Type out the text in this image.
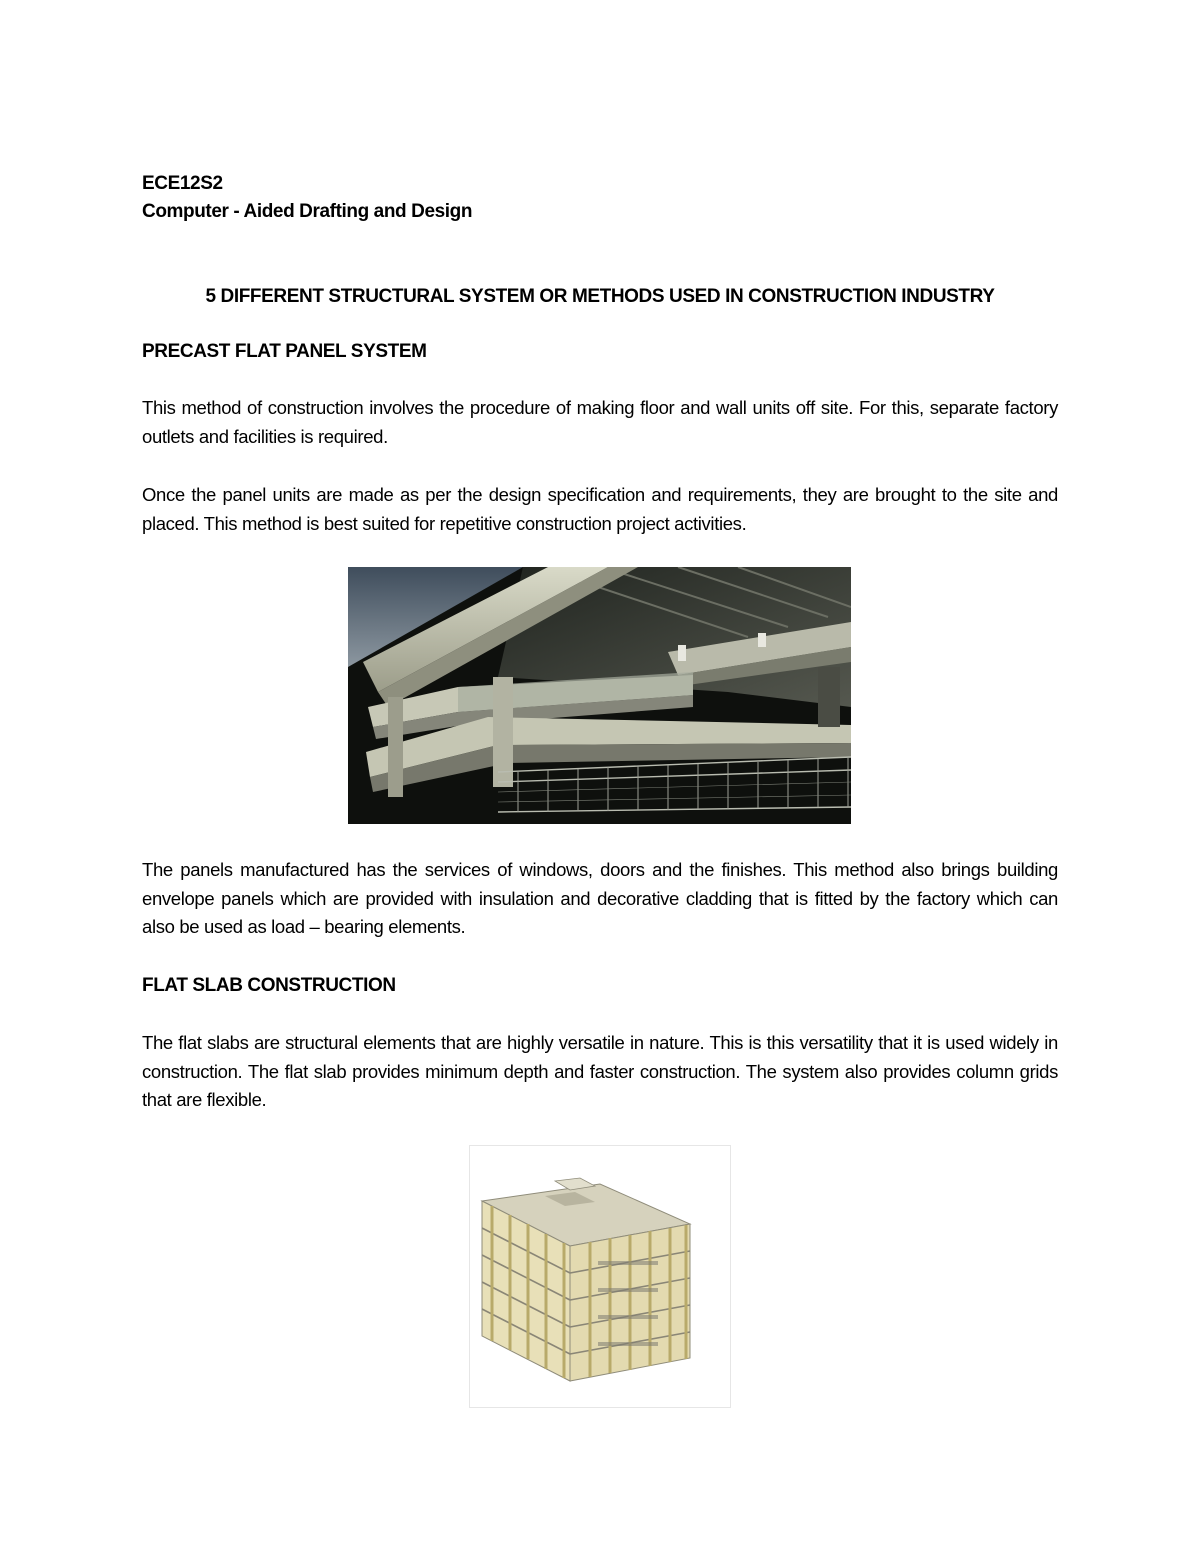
ECE12S2
Computer - Aided Drafting and Design
5 DIFFERENT STRUCTURAL SYSTEM OR METHODS USED IN CONSTRUCTION INDUSTRY
PRECAST FLAT PANEL SYSTEM
This method of construction involves the procedure of making floor and wall units off site. For this, separate factory outlets and facilities is required.
Once the panel units are made as per the design specification and requirements, they are brought to the site and placed. This method is best suited for repetitive construction project activities.
The panels manufactured has the services of windows, doors and the finishes. This method also brings building envelope panels which are provided with insulation and decorative cladding that is fitted by the factory which can also be used as load – bearing elements.
FLAT SLAB CONSTRUCTION
The flat slabs are structural elements that are highly versatile in nature. This is this versatility that it is used widely in construction. The flat slab provides minimum depth and faster construction. The system also provides column grids that are flexible.
